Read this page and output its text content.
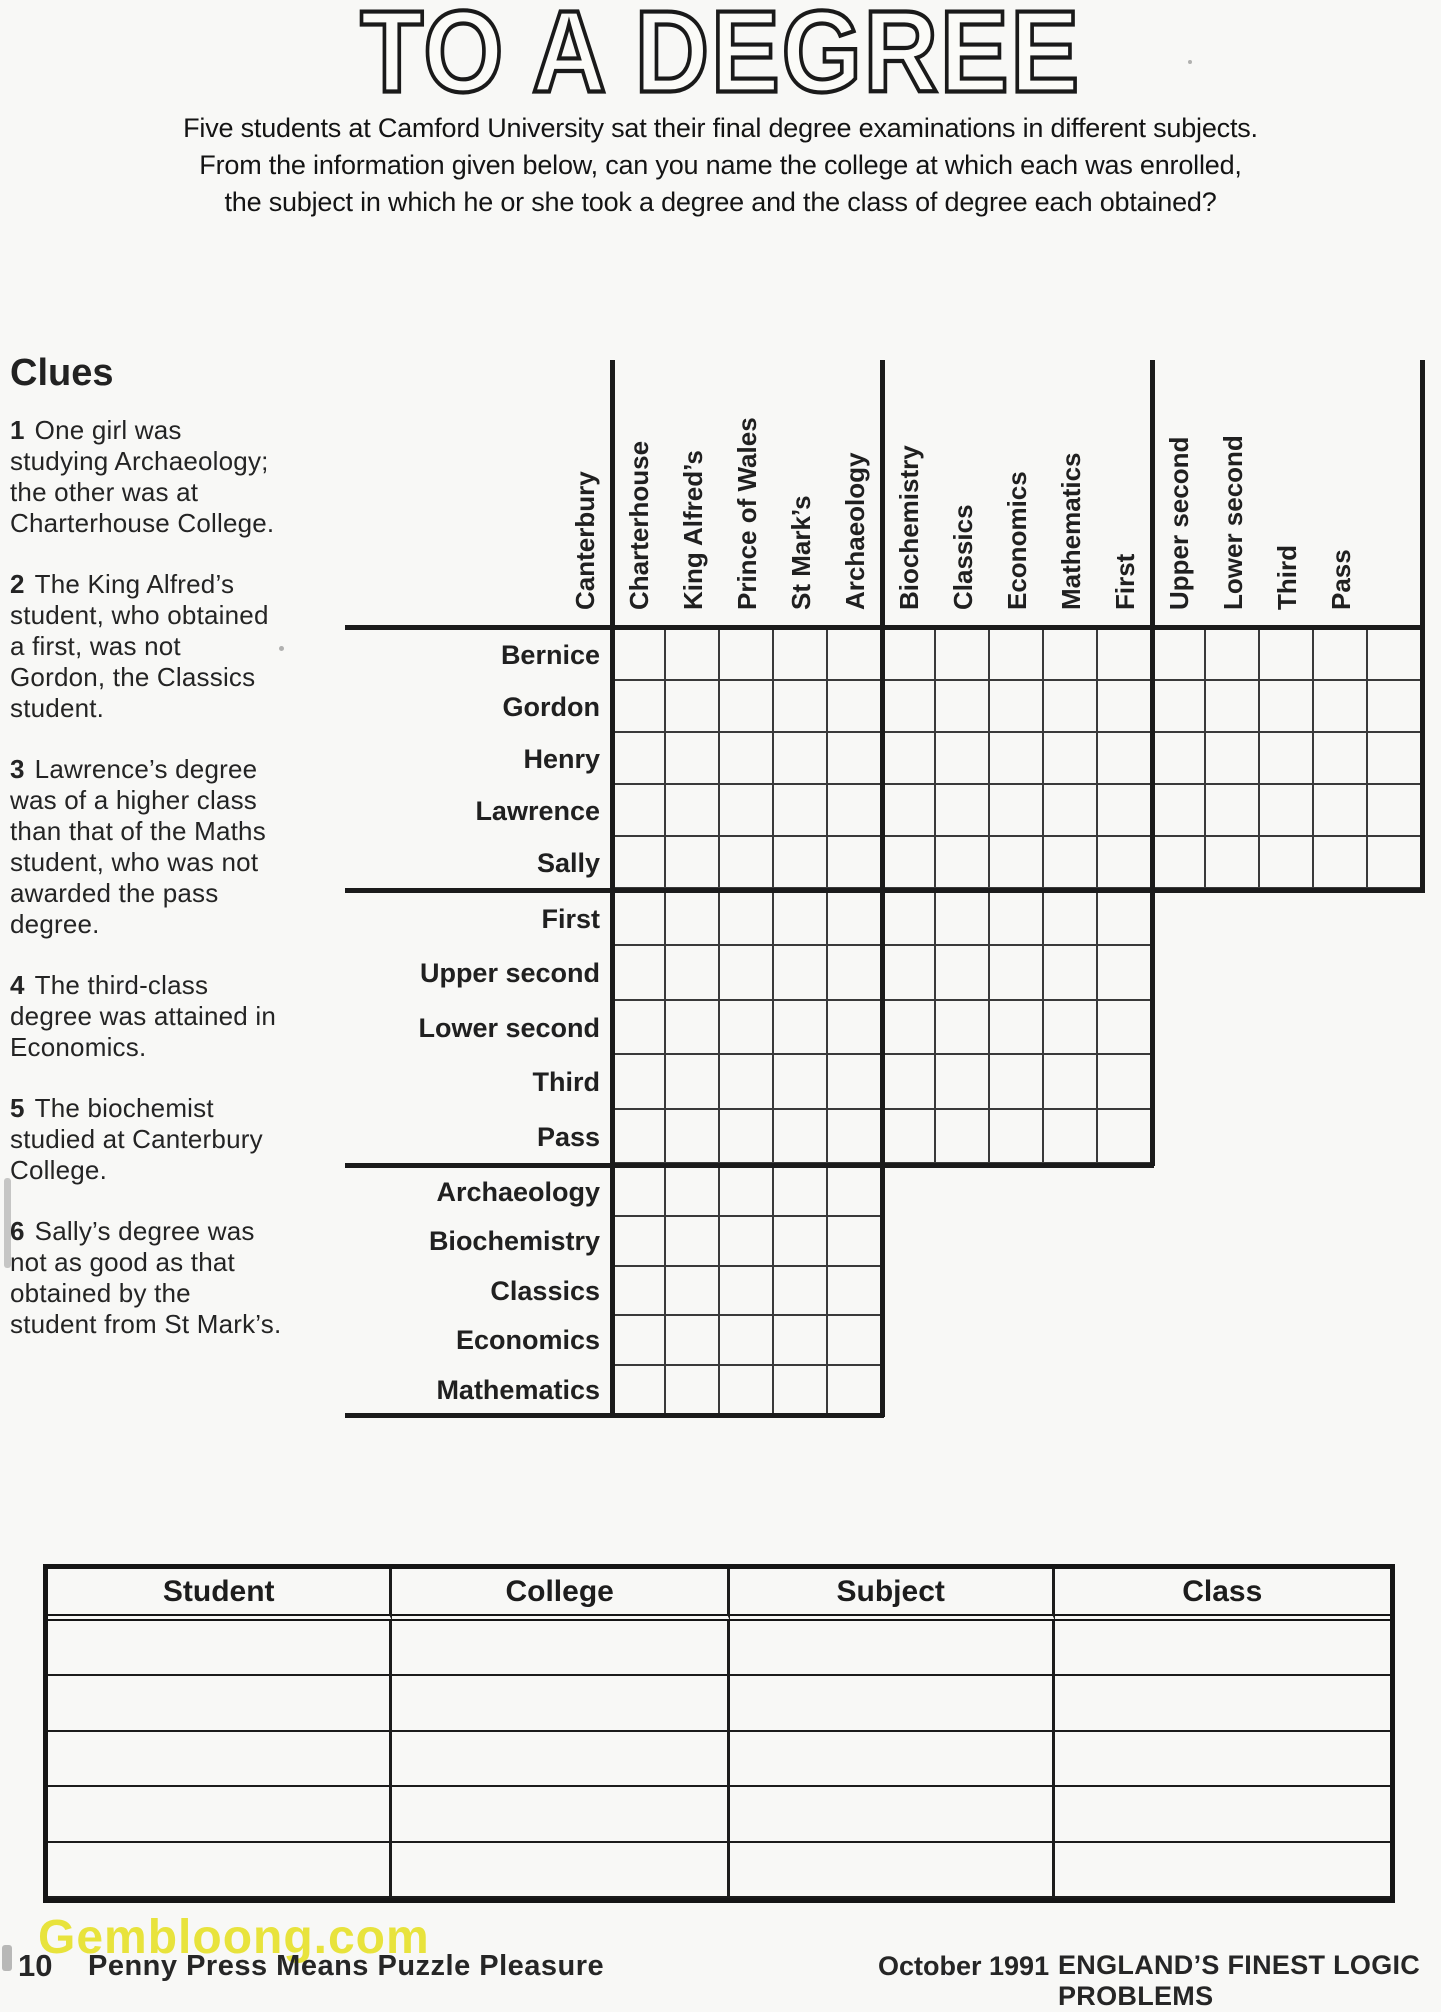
TO A DEGREE
Five students at Camford University sat their final degree examinations in different subjects.
From the information given below, can you name the college at which each was enrolled,
the subject in which he or she took a degree and the class of degree each obtained?
Clues

1 One girl was studying Archaeology; the other was at Charterhouse College.

2 The King Alfred’s student, who obtained a first, was not Gordon, the Classics student.

3 Lawrence’s degree was of a higher class than that of the Maths student, who was not awarded the pass degree.

4 The third-class degree was attained in Economics.

5 The biochemist studied at Canterbury College.

6 Sally’s degree was not as good as that obtained by the student from St Mark’s.

Canterbury Charterhouse King Alfred’s Prince of Wales St Mark’s Archaeology Biochemistry Classics Economics Mathematics First Upper second Lower second Third Pass
Bernice
Gordon
Henry
Lawrence
Sally
First
Upper second
Lower second
Third
Pass
Archaeology
Biochemistry
Classics
Economics
Mathematics
Student	College	Subject	Class
Gembloong.com
10 Penny Press Means Puzzle Pleasure	October 1991 ENGLAND’S FINEST LOGIC PROBLEMS
